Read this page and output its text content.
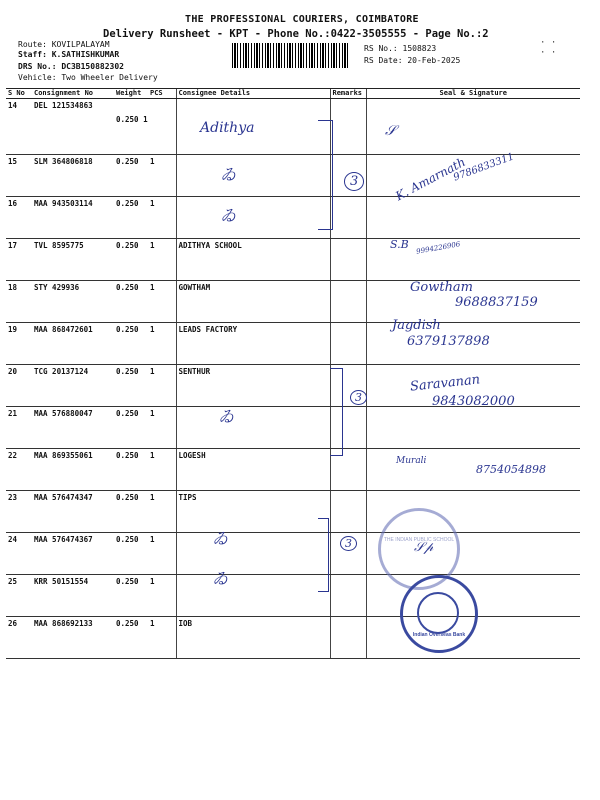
THE PROFESSIONAL COURIERS, COIMBATORE
Delivery Runsheet - KPT - Phone No.:0422-3505555 - Page No.:2
Route: KOVILPALAYAM
Staff: K.SATHISHKUMAR
DRS No.: DC3B150882302
Vehicle: Two Wheeler Delivery
RS No.: 1508823
RS Date: 20-Feb-2025
· ·
· ·
S No	Consignment No	Weight	PCS	Consignee Details	Remarks	Seal & Signature
14	DEL 121534863	0.250 1				
15	SLM 364806818	0.250	1			
16	MAA 943503114	0.250	1			
17	TVL 8595775	0.250	1	ADITHYA SCHOOL		
18	STY 429936	0.250	1	GOWTHAM		
19	MAA 868472601	0.250	1	LEADS FACTORY		
20	TCG 20137124	0.250	1	SENTHUR		
21	MAA 576880047	0.250	1			
22	MAA 869355061	0.250	1	LOGESH		
23	MAA 576474347	0.250	1	TIPS		
24	MAA 576474367	0.250	1			
25	KRR 50151554	0.250	1			
26	MAA 868692133	0.250	1	IOB		
Adithya
ゐ
ゐ
3
𝒮
K. Amarnath
9786833311
S.B 9994226906
Gowtham
9688837159
Jagdish
6379137898
3
ゐ
Saravanan
9843082000
Murali
8754054898
ゐ
ゐ
3	THE INDIAN PUBLIC SCHOOL
𝒮𝓅
Indian Overseas Bank
